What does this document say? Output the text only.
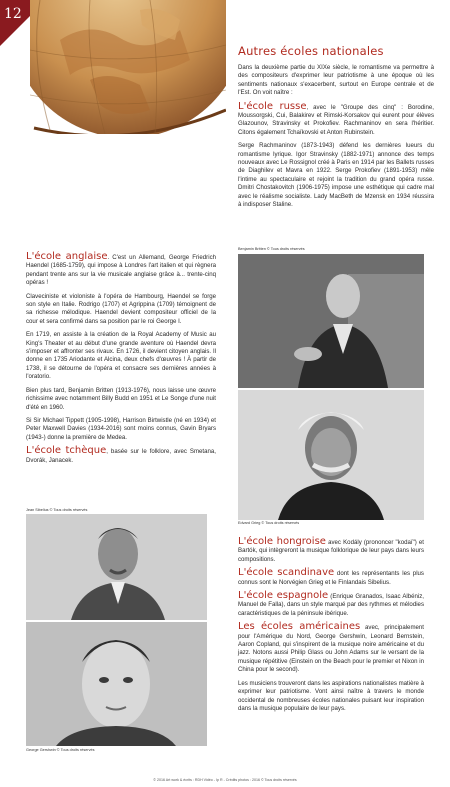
12
Autres écoles nationales

Dans la deuxième partie du XIXe siècle, le romantisme va permettre à des compositeurs d'exprimer leur patriotisme à une époque où les sentiments nationaux s'exacerbent, surtout en Europe centrale et de l'Est. On voit naître :

L'école russe, avec le "Groupe des cinq" : Borodine, Moussorgski, Cui, Balakirev et Rimski-Korsakov qui eurent pour élèves Glazounov, Stravinsky et Prokofiev. Rachmaninov en sera l'héritier. Citons également Tchaïkovski et Anton Rubinstein.

Serge Rachmaninov (1873-1943) défend les dernières lueurs du romantisme lyrique. Igor Stravinsky (1882-1971) annonce des temps nouveaux avec Le Rossignol créé à Paris en 1914 par les Ballets russes de Diaghilev et Mavra en 1922. Serge Prokofiev (1891-1953) mêle l'intime au spectaculaire et rejoint la tradition du grand opéra russe. Dmitri Chostakovitch (1906-1975) impose une esthétique qui cadre mal avec le réalisme socialiste. Lady MacBeth de Mzensk en 1934 réussira à indisposer Staline.

Benjamin Britten © Tous droits réservés
Edvard Grieg © Tous droits réservés

L'école anglaise. C'est un Allemand, George Friedrich Haendel (1685-1759), qui impose à Londres l'art italien et qui règnera pendant trente ans sur la vie musicale anglaise grâce à... trente-cinq opéras !

Claveciniste et violoniste à l'opéra de Hambourg, Haendel se forge son style en Italie. Rodrigo (1707) et Agrippina (1709) témoignent de sa richesse mélodique. Haendel devient compositeur officiel de la cour et sera confirmé dans sa position par le roi George I.

En 1719, en assiste à la création de la Royal Academy of Music au King's Theater et au début d'une grande aventure où Haendel devra s'imposer et affronter ses rivaux. En 1726, il devient citoyen anglais. Il donne en 1735 Ariodante et Alcina, deux chefs d'œuvres ! À partir de 1738, il se détourne de l'opéra et consacre ses dernières années à l'oratorio.

Bien plus tard, Benjamin Britten (1913-1976), nous laisse une œuvre richissime avec notamment Billy Budd en 1951 et Le Songe d'une nuit d'été en 1960.

Si Sir Michael Tippett (1905-1998), Harrison Birtwistle (né en 1934) et Peter Maxwell Davies (1934-2016) sont moins connus, Gavin Bryars (1943-) donne la première de Medea.

L'école tchèque, basée sur le folklore, avec Smetana, Dvorák, Janacek.

Jean Sibelius © Tous droits réservés
George Gershwin © Tous droits réservés

L'école hongroise avec Kodály (prononcer "kodaï") et Bartók, qui intègreront la musique folklorique de leur pays dans leurs compositions.

L'école scandinave dont les représentants les plus connus sont le Norvégien Grieg et le Finlandais Sibelius.

L'école espagnole (Enrique Granados, Isaac Albéniz, Manuel de Falla), dans un style marqué par des rythmes et mélodies caractéristiques de la péninsule ibérique.

Les écoles américaines avec, principalement pour l'Amérique du Nord, George Gershwin, Leonard Bernstein, Aaron Copland, qui s'inspirent de la musique noire américaine et du jazz. Notons aussi Philip Glass ou John Adams sur le versant de la musique répétitive (Einstein on the Beach pour le premier et Nixon in China pour le second).

Les musiciens trouveront dans les aspirations nationalistes matière à exprimer leur patriotisme. Vont ainsi naître à travers le monde occidental de nombreuses écoles nationales puisant leur inspiration dans la musique populaire de leur pays.

© 2016 Art work & écrits : RDH Vidéo - Ip R - Crédits photos : 2016 © Tous droits réservés
